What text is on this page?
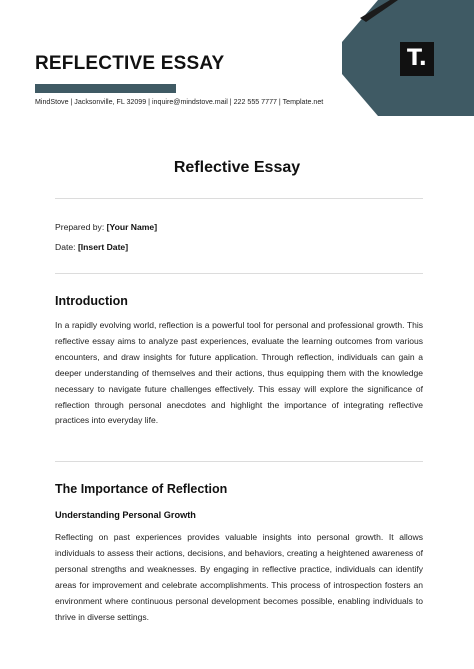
REFLECTIVE ESSAY
MindStove | Jacksonville, FL 32099 | inquire@mindstove.mail | 222 555 7777 | Template.net
T.
Reflective Essay
Prepared by: [Your Name]
Date: [Insert Date]
Introduction

In a rapidly evolving world, reflection is a powerful tool for personal and professional growth. This reflective essay aims to analyze past experiences, evaluate the learning outcomes from various encounters, and draw insights for future application. Through reflection, individuals can gain a deeper understanding of themselves and their actions, thus equipping them with the knowledge necessary to navigate future challenges effectively. This essay will explore the significance of reflection through personal anecdotes and highlight the importance of integrating reflective practices into everyday life.

The Importance of Reflection
Understanding Personal Growth

Reflecting on past experiences provides valuable insights into personal growth. It allows individuals to assess their actions, decisions, and behaviors, creating a heightened awareness of personal strengths and weaknesses. By engaging in reflective practice, individuals can identify areas for improvement and celebrate accomplishments. This process of introspection fosters an environment where continuous personal development becomes possible, enabling individuals to thrive in diverse settings.
